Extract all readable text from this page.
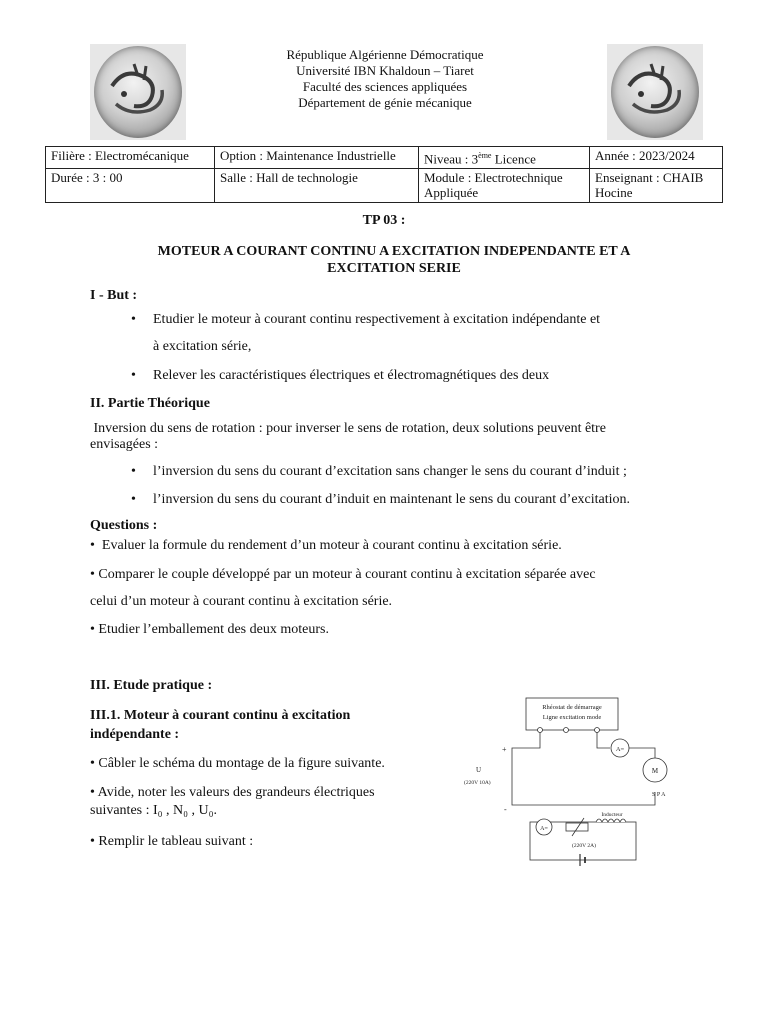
République Algérienne Démocratique
Université IBN Khaldoun – Tiaret
Faculté des sciences appliquées
Département de génie mécanique
Filière : Electromécanique	Option : Maintenance Industrielle	Niveau : 3ème Licence	Année : 2023/2024
Durée : 3 : 00	Salle : Hall de technologie	Module : Electrotechnique Appliquée	Enseignant : CHAIB Hocine
TP 03 :
MOTEUR A COURANT CONTINU A EXCITATION INDEPENDANTE ET A
EXCITATION SERIE
I - But :
• Etudier le moteur à courant continu respectivement à excitation indépendante et
à excitation série,
• Relever les caractéristiques électriques et électromagnétiques des deux
II. Partie Théorique
Inversion du sens de rotation : pour inverser le sens de rotation, deux solutions peuvent être
envisagées :
• l’inversion du sens du courant d’excitation sans changer le sens du courant d’induit ;
• l’inversion du sens du courant d’induit en maintenant le sens du courant d’excitation.
Questions :
•  Evaluer la formule du rendement d’un moteur à courant continu à excitation série.
• Comparer le couple développé par un moteur à courant continu à excitation séparée avec
celui d’un moteur à courant continu à excitation série.
• Etudier l’emballement des deux moteurs.
III. Etude pratique :
III.1. Moteur à courant continu à excitation
indépendante :
• Câbler le schéma du montage de la figure suivante.
• Avide, noter les valeurs des grandeurs électriques
suivantes : I₀ , N₀ , U₀.
• Remplir le tableau suivant :
Rhéostat de démarrage
Ligne excitation mode
A=
M
+
-
U
(220V 10A)
S P A
A=
Inducteur
(220V 2A)
